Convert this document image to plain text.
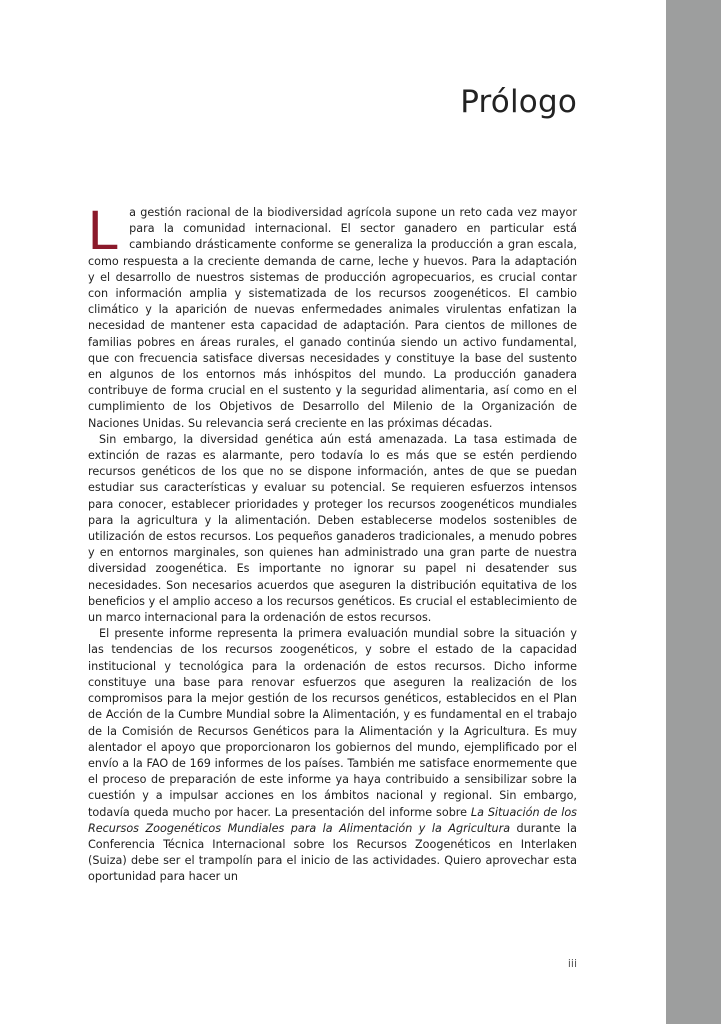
Prólogo

La gestión racional de la biodiversidad agrícola supone un reto cada vez mayor para la comunidad internacional. El sector ganadero en particular está cambiando drásticamente conforme se generaliza la producción a gran escala, como respuesta a la creciente demanda de carne, leche y huevos. Para la adaptación y el desarrollo de nuestros sistemas de producción agropecuarios, es crucial contar con información amplia y sistematizada de los recursos zoogenéticos. El cambio climático y la aparición de nuevas enfermedades animales virulentas enfatizan la necesidad de mantener esta capacidad de adaptación. Para cientos de millones de familias pobres en áreas rurales, el ganado continúa siendo un activo fundamental, que con frecuencia satisface diversas necesidades y constituye la base del sustento en algunos de los entornos más inhóspitos del mundo. La producción ganadera contribuye de forma crucial en el sustento y la seguridad alimentaria, así como en el cumplimiento de los Objetivos de Desarrollo del Milenio de la Organización de Naciones Unidas. Su relevancia será creciente en las próximas décadas.

Sin embargo, la diversidad genética aún está amenazada. La tasa estimada de extinción de razas es alarmante, pero todavía lo es más que se estén perdiendo recursos genéticos de los que no se dispone información, antes de que se puedan estudiar sus características y evaluar su potencial. Se requieren esfuerzos intensos para conocer, establecer prioridades y proteger los recursos zoogenéticos mundiales para la agricultura y la alimentación. Deben establecerse modelos sostenibles de utilización de estos recursos. Los pequeños ganaderos tradicionales, a menudo pobres y en entornos marginales, son quienes han administrado una gran parte de nuestra diversidad zoogenética. Es importante no ignorar su papel ni desatender sus necesidades. Son necesarios acuerdos que aseguren la distribución equitativa de los beneficios y el amplio acceso a los recursos genéticos. Es crucial el establecimiento de un marco internacional para la ordenación de estos recursos.

El presente informe representa la primera evaluación mundial sobre la situación y las tendencias de los recursos zoogenéticos, y sobre el estado de la capacidad institucional y tecnológica para la ordenación de estos recursos. Dicho informe constituye una base para renovar esfuerzos que aseguren la realización de los compromisos para la mejor gestión de los recursos genéticos, establecidos en el Plan de Acción de la Cumbre Mundial sobre la Alimentación, y es fundamental en el trabajo de la Comisión de Recursos Genéticos para la Alimentación y la Agricultura. Es muy alentador el apoyo que proporcionaron los gobiernos del mundo, ejemplificado por el envío a la FAO de 169 informes de los países. También me satisface enormemente que el proceso de preparación de este informe ya haya contribuido a sensibilizar sobre la cuestión y a impulsar acciones en los ámbitos nacional y regional. Sin embargo, todavía queda mucho por hacer. La presentación del informe sobre La Situación de los Recursos Zoogenéticos Mundiales para la Alimentación y la Agricultura durante la Conferencia Técnica Internacional sobre los Recursos Zoogenéticos en Interlaken (Suiza) debe ser el trampolín para el inicio de las actividades. Quiero aprovechar esta oportunidad para hacer un

iii
